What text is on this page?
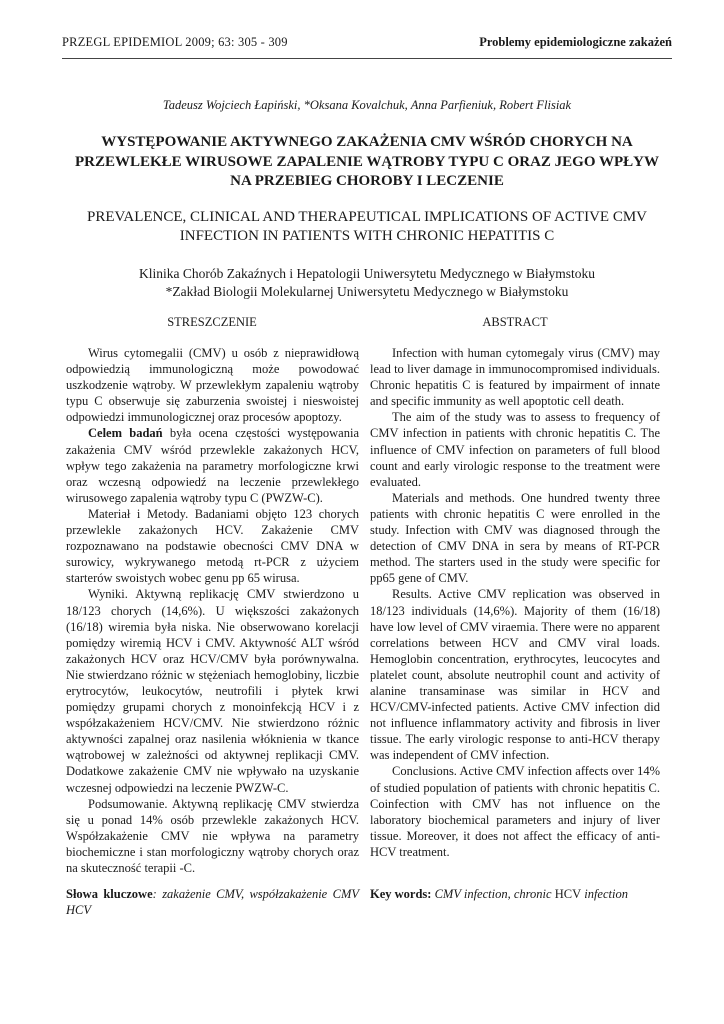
PRZEGL EPIDEMIOL 2009; 63: 305 - 309	Problemy epidemiologiczne zakażeń
Tadeusz Wojciech Łapiński, *Oksana Kovalchuk, Anna Parfieniuk, Robert Flisiak
WYSTĘPOWANIE AKTYWNEGO ZAKAŻENIA CMV WŚRÓD CHORYCH NA PRZEWLEKŁE WIRUSOWE ZAPALENIE WĄTROBY TYPU C ORAZ JEGO WPŁYW NA PRZEBIEG CHOROBY I LECZENIE
PREVALENCE, CLINICAL AND THERAPEUTICAL IMPLICATIONS OF ACTIVE CMV INFECTION IN PATIENTS WITH CHRONIC HEPATITIS C
Klinika Chorób Zakaźnych i Hepatologii Uniwersytetu Medycznego w Białymstoku
*Zakład Biologii Molekularnej Uniwersytetu Medycznego w Białymstoku
STRESZCZENIE	ABSTRACT

Wirus cytomegalii (CMV) u osób z nieprawidłową odpowiedzią immunologiczną może powodować uszkodzenie wątroby. W przewlekłym zapaleniu wątroby typu C obserwuje się zaburzenia swoistej i nieswoistej odpowiedzi immunologicznej oraz procesów apoptozy.

Celem badań była ocena częstości występowania zakażenia CMV wśród przewlekle zakażonych HCV, wpływ tego zakażenia na parametry morfologiczne krwi oraz wczesną odpowiedź na leczenie przewlekłego wirusowego zapalenia wątroby typu C (PWZW-C).

Materiał i Metody. Badaniami objęto 123 chorych przewlekle zakażonych HCV. Zakażenie CMV rozpoznawano na podstawie obecności CMV DNA w surowicy, wykrywanego metodą rt-PCR z użyciem starterów swoistych wobec genu pp 65 wirusa.

Wyniki. Aktywną replikację CMV stwierdzono u 18/123 chorych (14,6%). U większości zakażonych (16/18) wiremia była niska. Nie obserwowano korelacji pomiędzy wiremią HCV i CMV. Aktywność ALT wśród zakażonych HCV oraz HCV/CMV była porównywalna. Nie stwierdzano różnic w stężeniach hemoglobiny, liczbie erytrocytów, leukocytów, neutrofili i płytek krwi pomiędzy grupami chorych z monoinfekcją HCV i z współzakażeniem HCV/CMV. Nie stwierdzono różnic aktywności zapalnej oraz nasilenia włóknienia w tkance wątrobowej w zależności od aktywnej replikacji CMV. Dodatkowe zakażenie CMV nie wpływało na uzyskanie wczesnej odpowiedzi na leczenie PWZW-C.

Podsumowanie. Aktywną replikację CMV stwierdza się u ponad 14% osób przewlekle zakażonych HCV. Współzakażenie CMV nie wpływa na parametry biochemiczne i stan morfologiczny wątroby chorych oraz na skuteczność terapii -C.

Infection with human cytomegaly virus (CMV) may lead to liver damage in immunocompromised individuals. Chronic hepatitis C is featured by impairment of innate and specific immunity as well apoptotic cell death.

The aim of the study was to assess to frequency of CMV infection in patients with chronic hepatitis C. The influence of CMV infection on parameters of full blood count and early virologic response to the treatment were evaluated.

Materials and methods. One hundred twenty three patients with chronic hepatitis C were enrolled in the study. Infection with CMV was diagnosed through the detection of CMV DNA in sera by means of RT-PCR method. The starters used in the study were specific for pp65 gene of CMV.

Results. Active CMV replication was observed in 18/123 individuals (14,6%). Majority of them (16/18) have low level of CMV viraemia. There were no apparent correlations between HCV and CMV viral loads. Hemoglobin concentration, erythrocytes, leucocytes and platelet count, absolute neutrophil count and activity of alanine transaminase was similar in HCV and HCV/CMV-infected patients. Active CMV infection did not influence inflammatory activity and fibrosis in liver tissue. The early virologic response to anti-HCV therapy was independent of CMV infection.

Conclusions. Active CMV infection affects over 14% of studied population of patients with chronic hepatitis C. Coinfection with CMV has not influence on the laboratory biochemical parameters and injury of liver tissue. Moreover, it does not affect the efficacy of anti-HCV treatment.

Słowa kluczowe: zakażenie CMV, współzakażenie CMV HCV
Key words: CMV infection, chronic HCV infection
